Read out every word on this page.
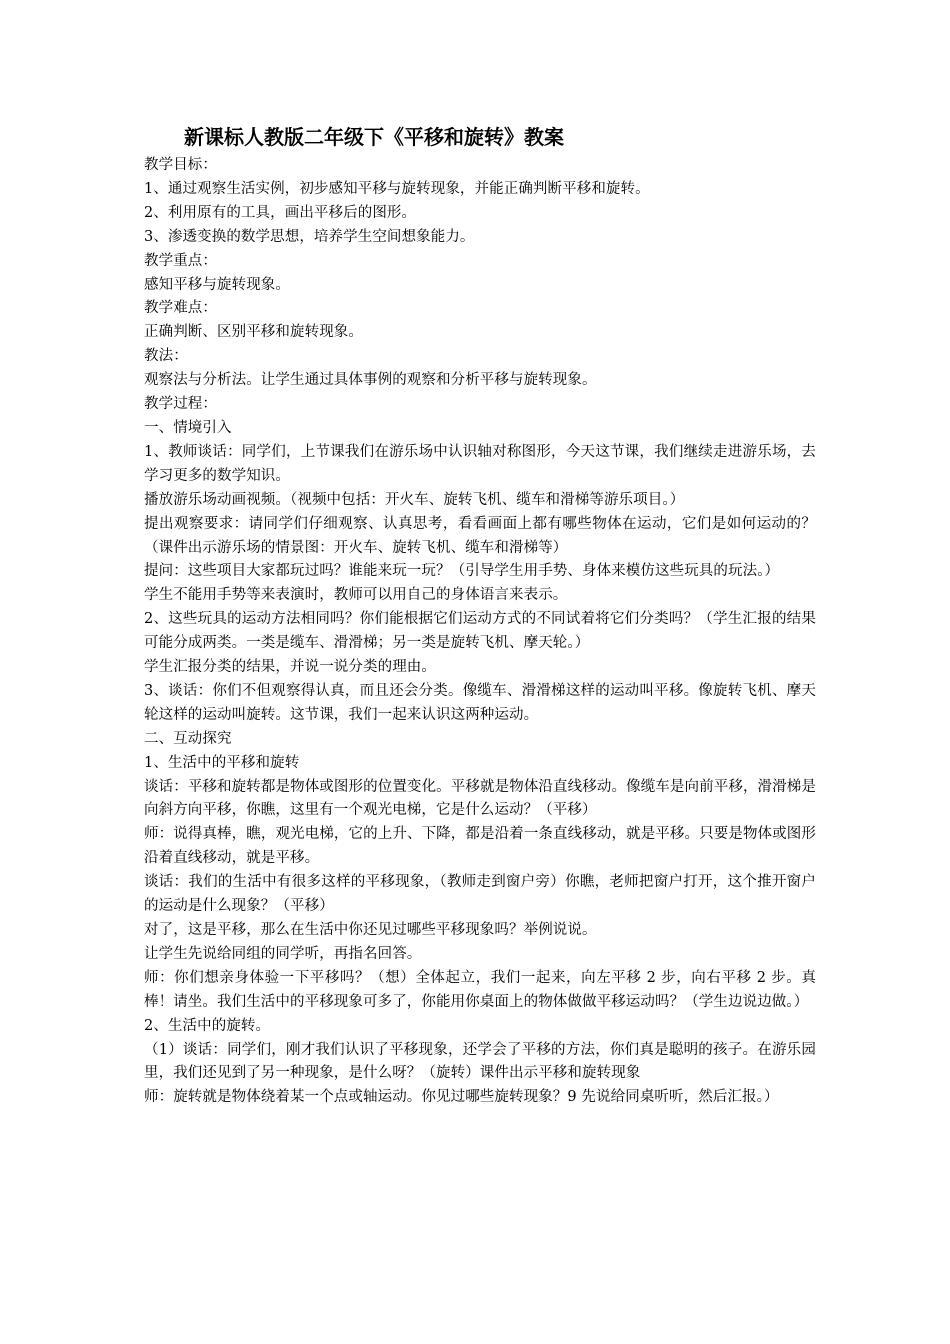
新课标人教版二年级下《平移和旋转》教案

教学目标：

1、通过观察生活实例，初步感知平移与旋转现象，并能正确判断平移和旋转。

2、利用原有的工具，画出平移后的图形。

3、渗透变换的数学思想，培养学生空间想象能力。

教学重点：

感知平移与旋转现象。

教学难点：

正确判断、区别平移和旋转现象。

教法：

观察法与分析法。让学生通过具体事例的观察和分析平移与旋转现象。

教学过程：

一、情境引入

1、教师谈话：同学们，上节课我们在游乐场中认识轴对称图形，今天这节课，我们继续走进游乐场，去学习更多的数学知识。

播放游乐场动画视频。（视频中包括：开火车、旋转飞机、缆车和滑梯等游乐项目。）

提出观察要求：请同学们仔细观察、认真思考，看看画面上都有哪些物体在运动，它们是如何运动的？（课件出示游乐场的情景图：开火车、旋转飞机、缆车和滑梯等）

提问：这些项目大家都玩过吗？谁能来玩一玩？（引导学生用手势、身体来模仿这些玩具的玩法。）

学生不能用手势等来表演时，教师可以用自己的身体语言来表示。

2、这些玩具的运动方法相同吗？你们能根据它们运动方式的不同试着将它们分类吗？（学生汇报的结果可能分成两类。一类是缆车、滑滑梯；另一类是旋转飞机、摩天轮。）

学生汇报分类的结果，并说一说分类的理由。

3、谈话：你们不但观察得认真，而且还会分类。像缆车、滑滑梯这样的运动叫平移。像旋转飞机、摩天轮这样的运动叫旋转。这节课，我们一起来认识这两种运动。

二、互动探究

1、生活中的平移和旋转

谈话：平移和旋转都是物体或图形的位置变化。平移就是物体沿直线移动。像缆车是向前平移，滑滑梯是向斜方向平移，你瞧，这里有一个观光电梯，它是什么运动？（平移）

师：说得真棒，瞧，观光电梯，它的上升、下降，都是沿着一条直线移动，就是平移。只要是物体或图形沿着直线移动，就是平移。

谈话：我们的生活中有很多这样的平移现象，（教师走到窗户旁）你瞧，老师把窗户打开，这个推开窗户的运动是什么现象？（平移）

对了，这是平移，那么在生活中你还见过哪些平移现象吗？举例说说。

让学生先说给同组的同学听，再指名回答。

师：你们想亲身体验一下平移吗？（想）全体起立，我们一起来，向左平移 2 步，向右平移 2 步。真棒！请坐。我们生活中的平移现象可多了，你能用你桌面上的物体做做平移运动吗？（学生边说边做。）

2、生活中的旋转。

（1）谈话：同学们，刚才我们认识了平移现象，还学会了平移的方法，你们真是聪明的孩子。在游乐园里，我们还见到了另一种现象，是什么呀？（旋转）课件出示平移和旋转现象

师：旋转就是物体绕着某一个点或轴运动。你见过哪些旋转现象？9 先说给同桌听听，然后汇报。）
